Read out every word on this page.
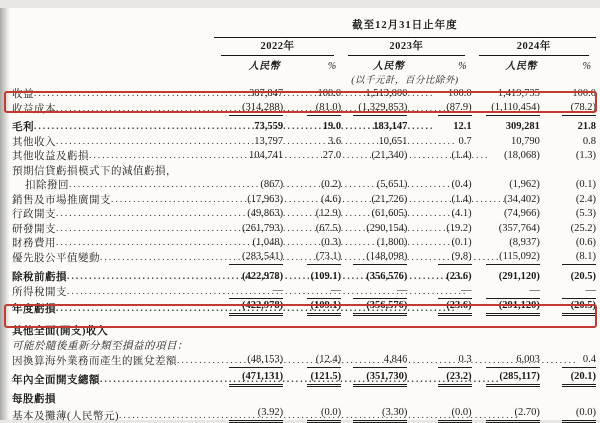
	截至12月31日止年度					

	2022年		2023年		2024年	

	人民幣	%	人民幣	%	人民幣	%
	(以千元計，百分比除外)					

收益
.....	387,847	100.0	1,513,000	100.0	1,419,735	100.0

收益成本
.....	(314,288)	(81.0)	(1,329,853)	(87.9)	(1,110,454)	(78.2)

毛利
.....	73,559	19.0	183,147	12.1	309,281	21.8

其他收入
.....	13,797	3.6	10,651	0.7	10,790	0.8

其他收益及虧損
.....	104,741	27.0	(21,340)	(1.4)	(18,068)	(1.3)

預期信貸虧損模式下的減值虧損，						

扣除撥回
.....	(867)	(0.2)	(5,651)	(0.4)	(1,962)	(0.1)

銷售及市場推廣開支
.....	(17,963)	(4.6)	(21,726)	(1.4)	(34,402)	(2.4)

行政開支
.....	(49,863)	(12.9)	(61,605)	(4.1)	(74,966)	(5.3)

研發開支
.....	(261,793)	(67.5)	(290,154)	(19.2)	(357,764)	(25.2)

財務費用
.....	(1,048)	(0.3)	(1,800)	(0.1)	(8,937)	(0.6)

優先股公平值變動
.....	(283,541)	(73.1)	(148,098)	(9.8)	(115,092)	(8.1)

除稅前虧損
.....	(422,978)	(109.1)	(356,576)	(23.6)	(291,120)	(20.5)

所得稅開支
.....	—	—	—	—	—	—

年度虧損
.....	(422,978)	(109.1)	(356,576)	(23.6)	(291,120)	(20.5)

其他全面(開支)收入						

可能於隨後重新分類至損益的項目：						

因換算海外業務而產生的匯兌差額
.....	(48,153)	(12.4)	4,846	0.3	6,003	0.4

年內全面開支總額
.....	(471,131)	(121.5)	(351,730)	(23.2)	(285,117)	(20.1)

每股虧損						

基本及攤薄(人民幣元)
.....	(3.92)	(0.0)	(3.30)	(0.0)	(2.70)	(0.0)
